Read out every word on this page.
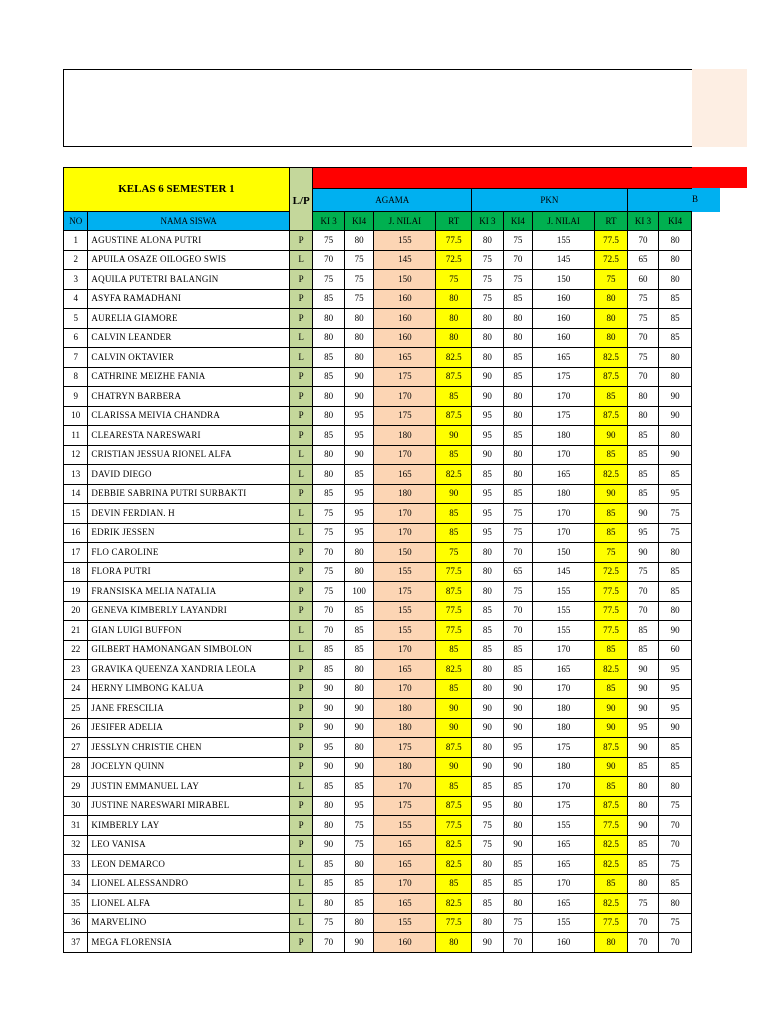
B
KELAS 6 SEMESTER 1		L/P										
			AGAMA				PKN					
NO	NAMA SISWA		KI 3	KI4	J. NILAI	RT	KI 3	KI4	J. NILAI	RT	KI 3	KI4
1	AGUSTINE ALONA PUTRI	P	75	80	155	77.5	80	75	155	77.5	70	80
2	APUILA OSAZE OILOGEO SWIS	L	70	75	145	72.5	75	70	145	72.5	65	80
3	AQUILA PUTETRI BALANGIN	P	75	75	150	75	75	75	150	75	60	80
4	ASYFA RAMADHANI	P	85	75	160	80	75	85	160	80	75	85
5	AURELIA GIAMORE	P	80	80	160	80	80	80	160	80	75	85
6	CALVIN LEANDER	L	80	80	160	80	80	80	160	80	70	85
7	CALVIN OKTAVIER	L	85	80	165	82.5	80	85	165	82.5	75	80
8	CATHRINE MEIZHE FANIA	P	85	90	175	87.5	90	85	175	87.5	70	80
9	CHATRYN BARBERA	P	80	90	170	85	90	80	170	85	80	90
10	CLARISSA MEIVIA CHANDRA	P	80	95	175	87.5	95	80	175	87.5	80	90
11	CLEARESTA NARESWARI	P	85	95	180	90	95	85	180	90	85	80
12	CRISTIAN JESSUA RIONEL ALFA	L	80	90	170	85	90	80	170	85	85	90
13	DAVID DIEGO	L	80	85	165	82.5	85	80	165	82.5	85	85
14	DEBBIE SABRINA PUTRI SURBAKTI	P	85	95	180	90	95	85	180	90	85	95
15	DEVIN FERDIAN. H	L	75	95	170	85	95	75	170	85	90	75
16	EDRIK JESSEN	L	75	95	170	85	95	75	170	85	95	75
17	FLO CAROLINE	P	70	80	150	75	80	70	150	75	90	80
18	FLORA PUTRI	P	75	80	155	77.5	80	65	145	72.5	75	85
19	FRANSISKA MELIA NATALIA	P	75	100	175	87.5	80	75	155	77.5	70	85
20	GENEVA KIMBERLY LAYANDRI	P	70	85	155	77.5	85	70	155	77.5	70	80
21	GIAN LUIGI BUFFON	L	70	85	155	77.5	85	70	155	77.5	85	90
22	GILBERT HAMONANGAN SIMBOLON	L	85	85	170	85	85	85	170	85	85	60
23	GRAVIKA QUEENZA XANDRIA LEOLA	P	85	80	165	82.5	80	85	165	82.5	90	95
24	HERNY LIMBONG KALUA	P	90	80	170	85	80	90	170	85	90	95
25	JANE FRESCILIA	P	90	90	180	90	90	90	180	90	90	95
26	JESIFER ADELIA	P	90	90	180	90	90	90	180	90	95	90
27	JESSLYN CHRISTIE CHEN	P	95	80	175	87.5	80	95	175	87.5	90	85
28	JOCELYN QUINN	P	90	90	180	90	90	90	180	90	85	85
29	JUSTIN EMMANUEL LAY	L	85	85	170	85	85	85	170	85	80	80
30	JUSTINE NARESWARI MIRABEL	P	80	95	175	87.5	95	80	175	87.5	80	75
31	KIMBERLY LAY	P	80	75	155	77.5	75	80	155	77.5	90	70
32	LEO VANISA	P	90	75	165	82.5	75	90	165	82.5	85	70
33	LEON DEMARCO	L	85	80	165	82.5	80	85	165	82.5	85	75
34	LIONEL ALESSANDRO	L	85	85	170	85	85	85	170	85	80	85
35	LIONEL ALFA	L	80	85	165	82.5	85	80	165	82.5	75	80
36	MARVELINO	L	75	80	155	77.5	80	75	155	77.5	70	75
37	MEGA FLORENSIA	P	70	90	160	80	90	70	160	80	70	70
